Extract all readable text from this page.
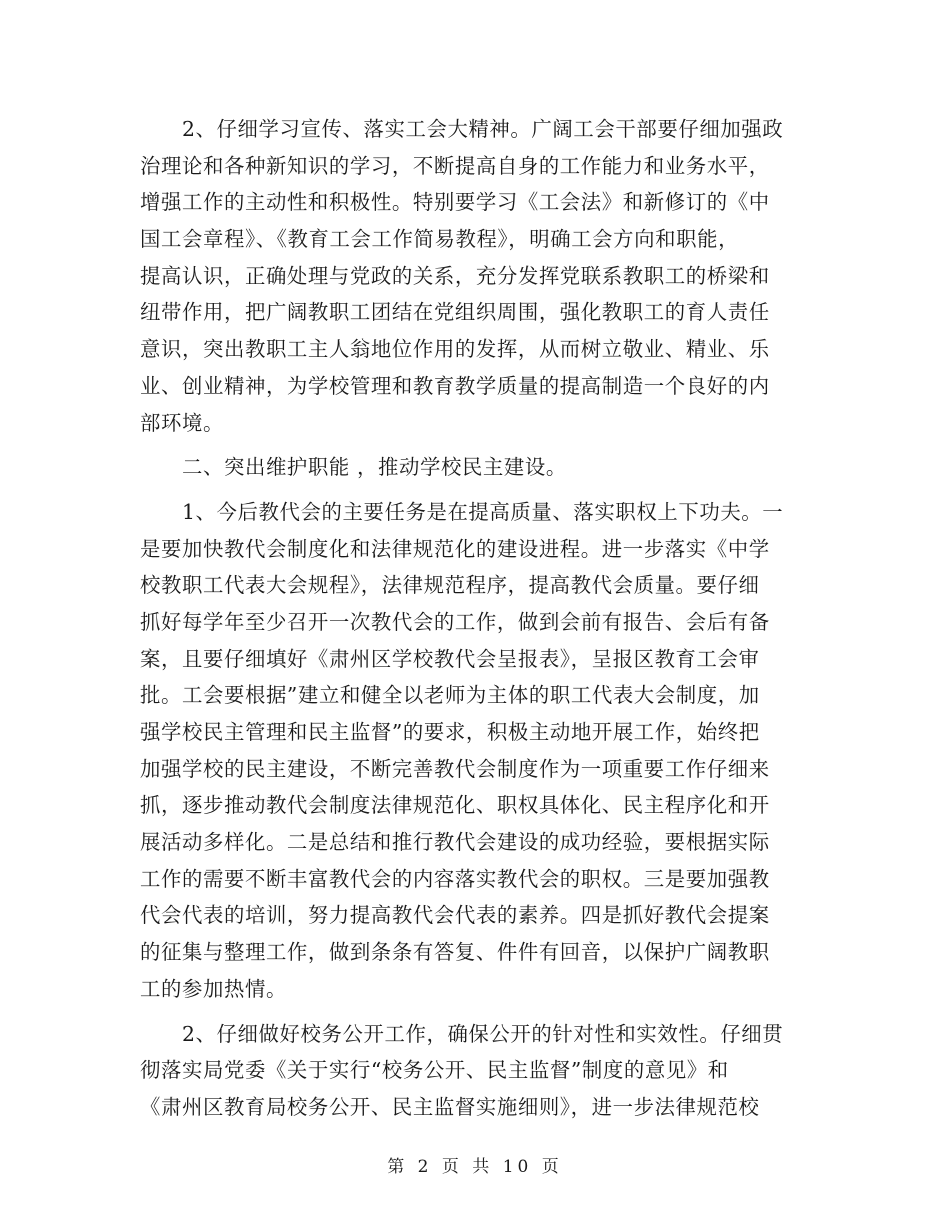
　　2、仔细学习宣传、落实工会大精神。广阔工会干部要仔细加强政

治理论和各种新知识的学习，不断提高自身的工作能力和业务水平，

增强工作的主动性和积极性。特别要学习《工会法》和新修订的《中

国工会章程》、《教育工会工作简易教程》，明确工会方向和职能，

提高认识，正确处理与党政的关系，充分发挥党联系教职工的桥梁和

纽带作用，把广阔教职工团结在党组织周围，强化教职工的育人责任

意识，突出教职工主人翁地位作用的发挥，从而树立敬业、精业、乐

业、创业精神，为学校管理和教育教学质量的提高制造一个良好的内

部环境。

　　二、突出维护职能 ，推动学校民主建设。

　　1、今后教代会的主要任务是在提高质量、落实职权上下功夫。一

是要加快教代会制度化和法律规范化的建设进程。进一步落实《中学

校教职工代表大会规程》，法律规范程序，提高教代会质量。要仔细

抓好每学年至少召开一次教代会的工作，做到会前有报告、会后有备

案，且要仔细填好《肃州区学校教代会呈报表》，呈报区教育工会审

批。工会要根据”建立和健全以老师为主体的职工代表大会制度，加

强学校民主管理和民主监督”的要求，积极主动地开展工作，始终把

加强学校的民主建设，不断完善教代会制度作为一项重要工作仔细来

抓，逐步推动教代会制度法律规范化、职权具体化、民主程序化和开

展活动多样化。二是总结和推行教代会建设的成功经验，要根据实际

工作的需要不断丰富教代会的内容落实教代会的职权。三是要加强教

代会代表的培训，努力提高教代会代表的素养。四是抓好教代会提案

的征集与整理工作，做到条条有答复、件件有回音，以保护广阔教职

工的参加热情。

　　2、仔细做好校务公开工作，确保公开的针对性和实效性。仔细贯

彻落实局党委《关于实行“校务公开、民主监督”制度的意见》和

《肃州区教育局校务公开、民主监督实施细则》，进一步法律规范校

第 2 页 共 10 页
